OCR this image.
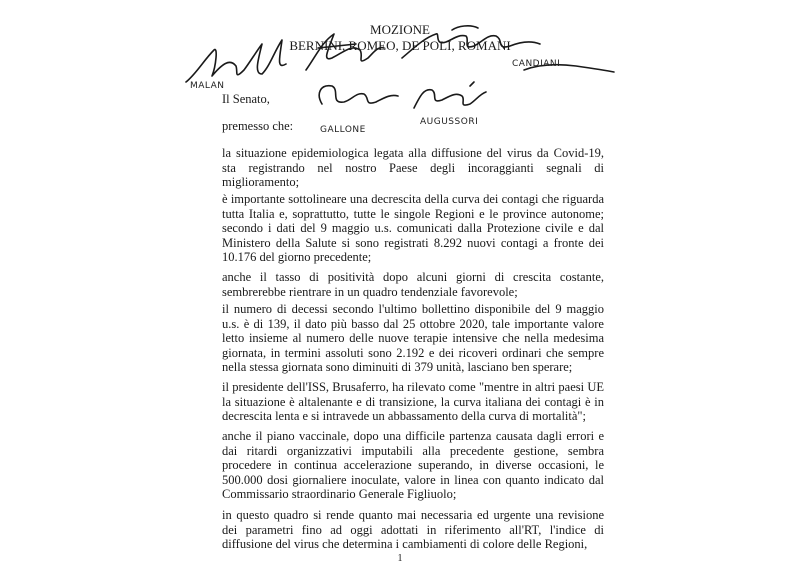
MALAN
GALLONE
AUGUSSORI
CANDIANI
MOZIONE
BERNINI, ROMEO, DE POLI, ROMANI

Il Senato,

premesso che:

la situazione epidemiologica legata alla diffusione del virus da Covid-19, sta registrando nel nostro Paese degli incoraggianti segnali di miglioramento;

è importante sottolineare una decrescita della curva dei contagi che riguarda tutta Italia e, soprattutto, tutte le singole Regioni e le province autonome; secondo i dati del 9 maggio u.s. comunicati dalla Protezione civile e dal Ministero della Salute si sono registrati 8.292 nuovi contagi a fronte dei 10.176 del giorno precedente;

anche il tasso di positività dopo alcuni giorni di crescita costante, sembrerebbe rientrare in un quadro tendenziale favorevole;

il numero di decessi secondo l'ultimo bollettino disponibile del 9 maggio u.s. è di 139, il dato più basso dal 25 ottobre 2020, tale importante valore letto insieme al numero delle nuove terapie intensive che nella medesima giornata, in termini assoluti sono 2.192 e dei ricoveri ordinari che sempre nella stessa giornata sono diminuiti di 379 unità, lasciano ben sperare;

il presidente dell'ISS, Brusaferro, ha rilevato come "mentre in altri paesi UE la situazione è altalenante e di transizione, la curva italiana dei contagi è in decrescita lenta e si intravede un abbassamento della curva di mortalità";

anche il piano vaccinale, dopo una difficile partenza causata dagli errori e dai ritardi organizzativi imputabili alla precedente gestione, sembra procedere in continua accelerazione superando, in diverse occasioni, le 500.000 dosi giornaliere inoculate, valore in linea con quanto indicato dal Commissario straordinario Generale Figliuolo;

in questo quadro si rende quanto mai necessaria ed urgente una revisione dei parametri fino ad oggi adottati in riferimento all'RT, l'indice di diffusione del virus che determina i cambiamenti di colore delle Regioni,

1
